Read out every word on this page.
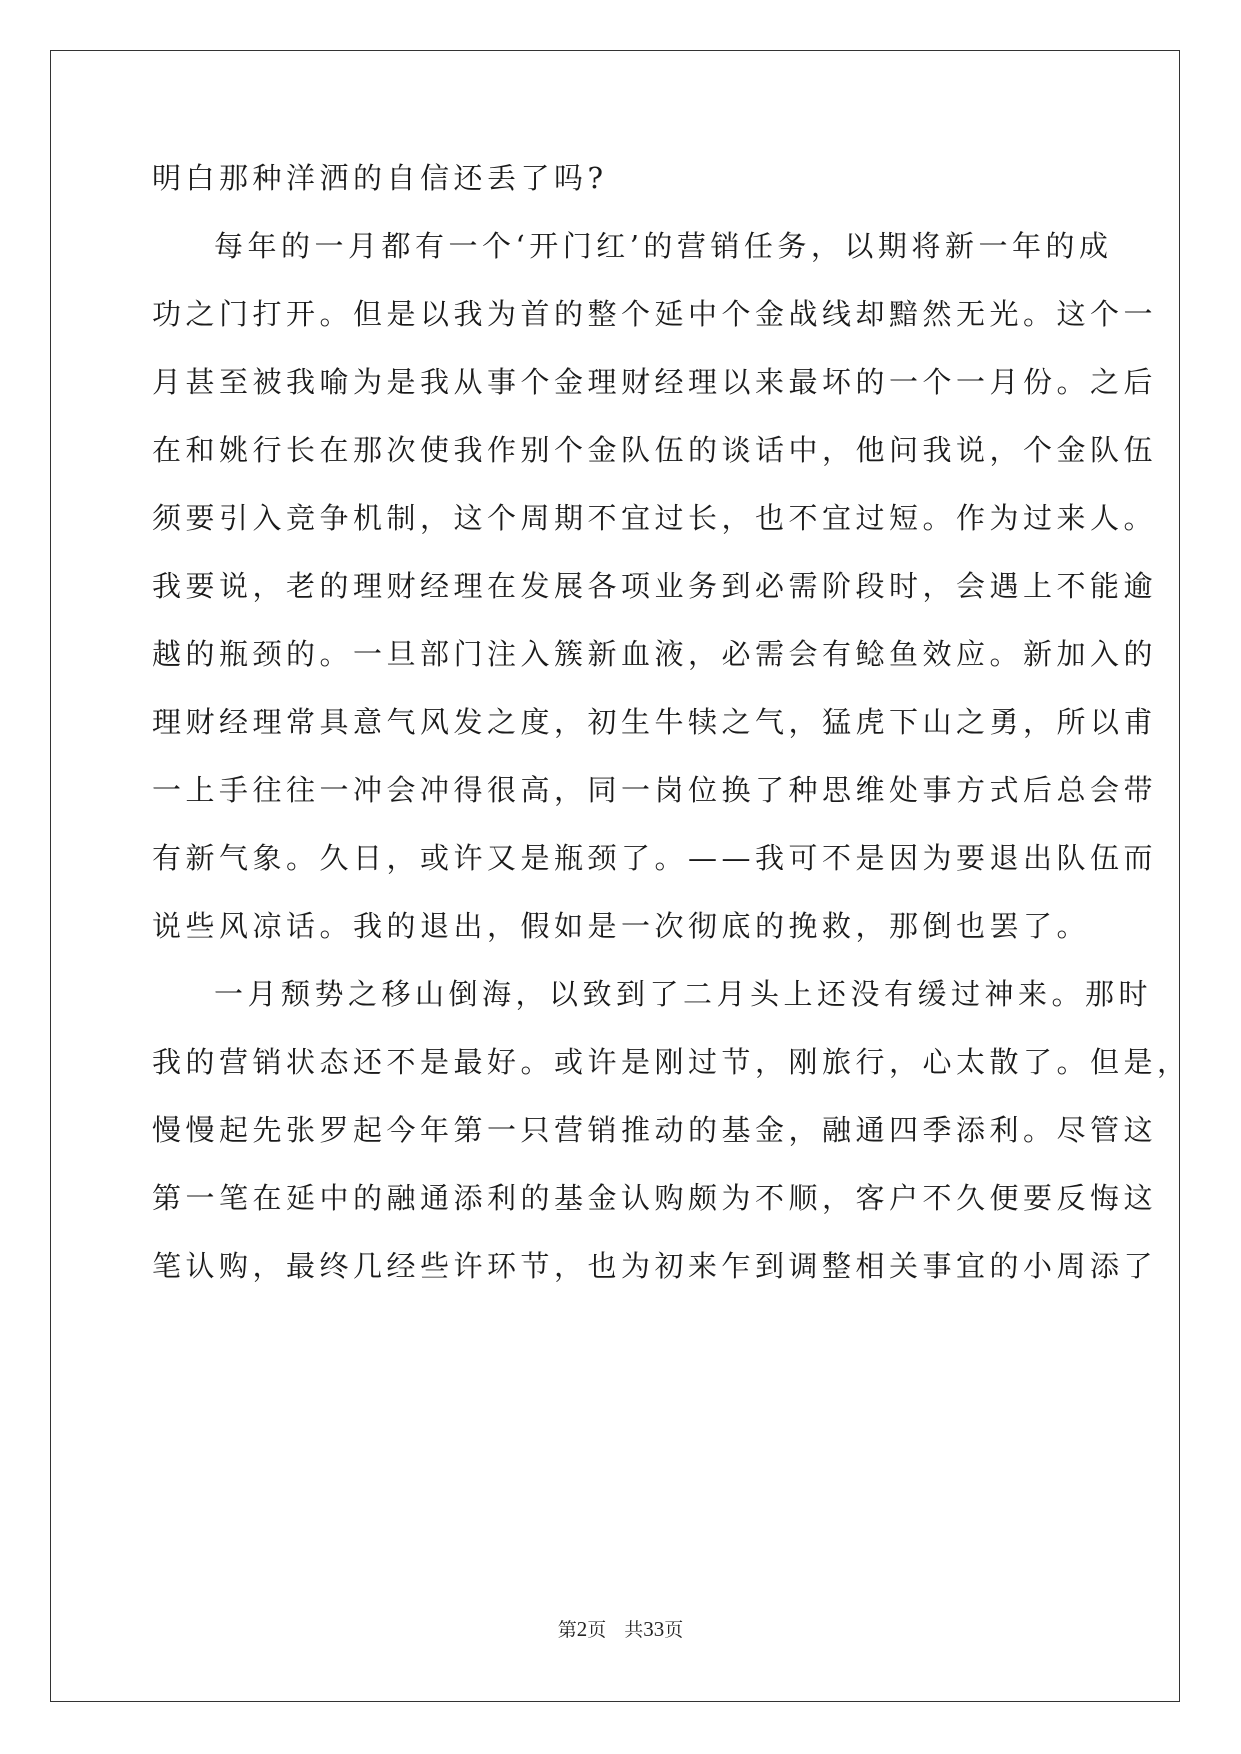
明白那种洋洒的自信还丢了吗?
每年的一月都有一个‘开门红’的营销任务，以期将新一年的成
功之门打开。但是以我为首的整个延中个金战线却黯然无光。这个一
月甚至被我喻为是我从事个金理财经理以来最坏的一个一月份。之后
在和姚行长在那次使我作别个金队伍的谈话中，他问我说，个金队伍
须要引入竞争机制，这个周期不宜过长，也不宜过短。作为过来人。
我要说，老的理财经理在发展各项业务到必需阶段时，会遇上不能逾
越的瓶颈的。一旦部门注入簇新血液，必需会有鲶鱼效应。新加入的
理财经理常具意气风发之度，初生牛犊之气，猛虎下山之勇，所以甫
一上手往往一冲会冲得很高，同一岗位换了种思维处事方式后总会带
有新气象。久日，或许又是瓶颈了。——我可不是因为要退出队伍而
说些风凉话。我的退出，假如是一次彻底的挽救，那倒也罢了。
一月颓势之移山倒海，以致到了二月头上还没有缓过神来。那时
我的营销状态还不是最好。或许是刚过节，刚旅行，心太散了。但是，
慢慢起先张罗起今年第一只营销推动的基金，融通四季添利。尽管这
第一笔在延中的融通添利的基金认购颇为不顺，客户不久便要反悔这
笔认购，最终几经些许环节，也为初来乍到调整相关事宜的小周添了
第2页 共33页
